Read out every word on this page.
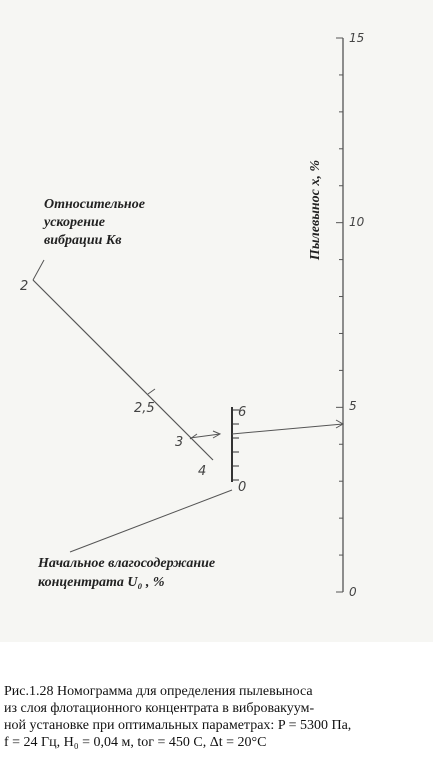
15
10
5
0
2
2,5
3
4
6
0
Относительное
ускорение
вибрации Kв	Пылевынос x, %
Начальное влагосодержание
концентрата U₀ , %
Рис.1.28 Номограмма для определения пылевыноса
из слоя флотационного концентрата в вибровакуум-
ной установке при оптимальных параметрах: P = 5300 Па,
f = 24 Гц, H₀ = 0,04 м, tог = 450 С, Δt = 20°С
